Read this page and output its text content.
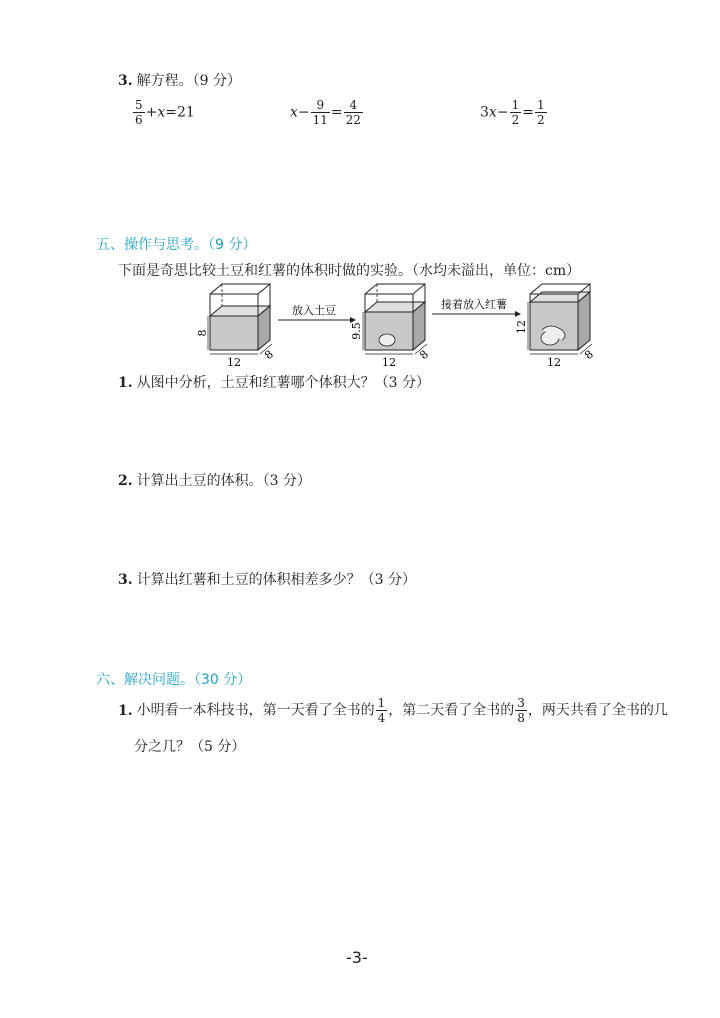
3. 解方程。（9 分）
$\frac{5}{6} +x=21$	$x- \frac{9}{11} = \frac{4}{22}$	$3x- \frac{1}{2} = \frac{1}{2}$
五、操作与思考。（9 分）
下面是奇思比较土豆和红薯的体积时做的实验。（水均未溢出，单位：cm）
8
12
8
放入土豆
9.5
12
8
接着放入红薯
12
12
8
1. 从图中分析，土豆和红薯哪个体积大？（3 分）
2. 计算出土豆的体积。（3 分）
3. 计算出红薯和土豆的体积相差多少？（3 分）
六、解决问题。（30 分）
1. 小明看一本科技书，第一天看了全书的 $\frac{1}{4}$ ，第二天看了全书的 $\frac{3}{8}$ ，两天共看了全书的几
分之几？（5 分）
-3-
